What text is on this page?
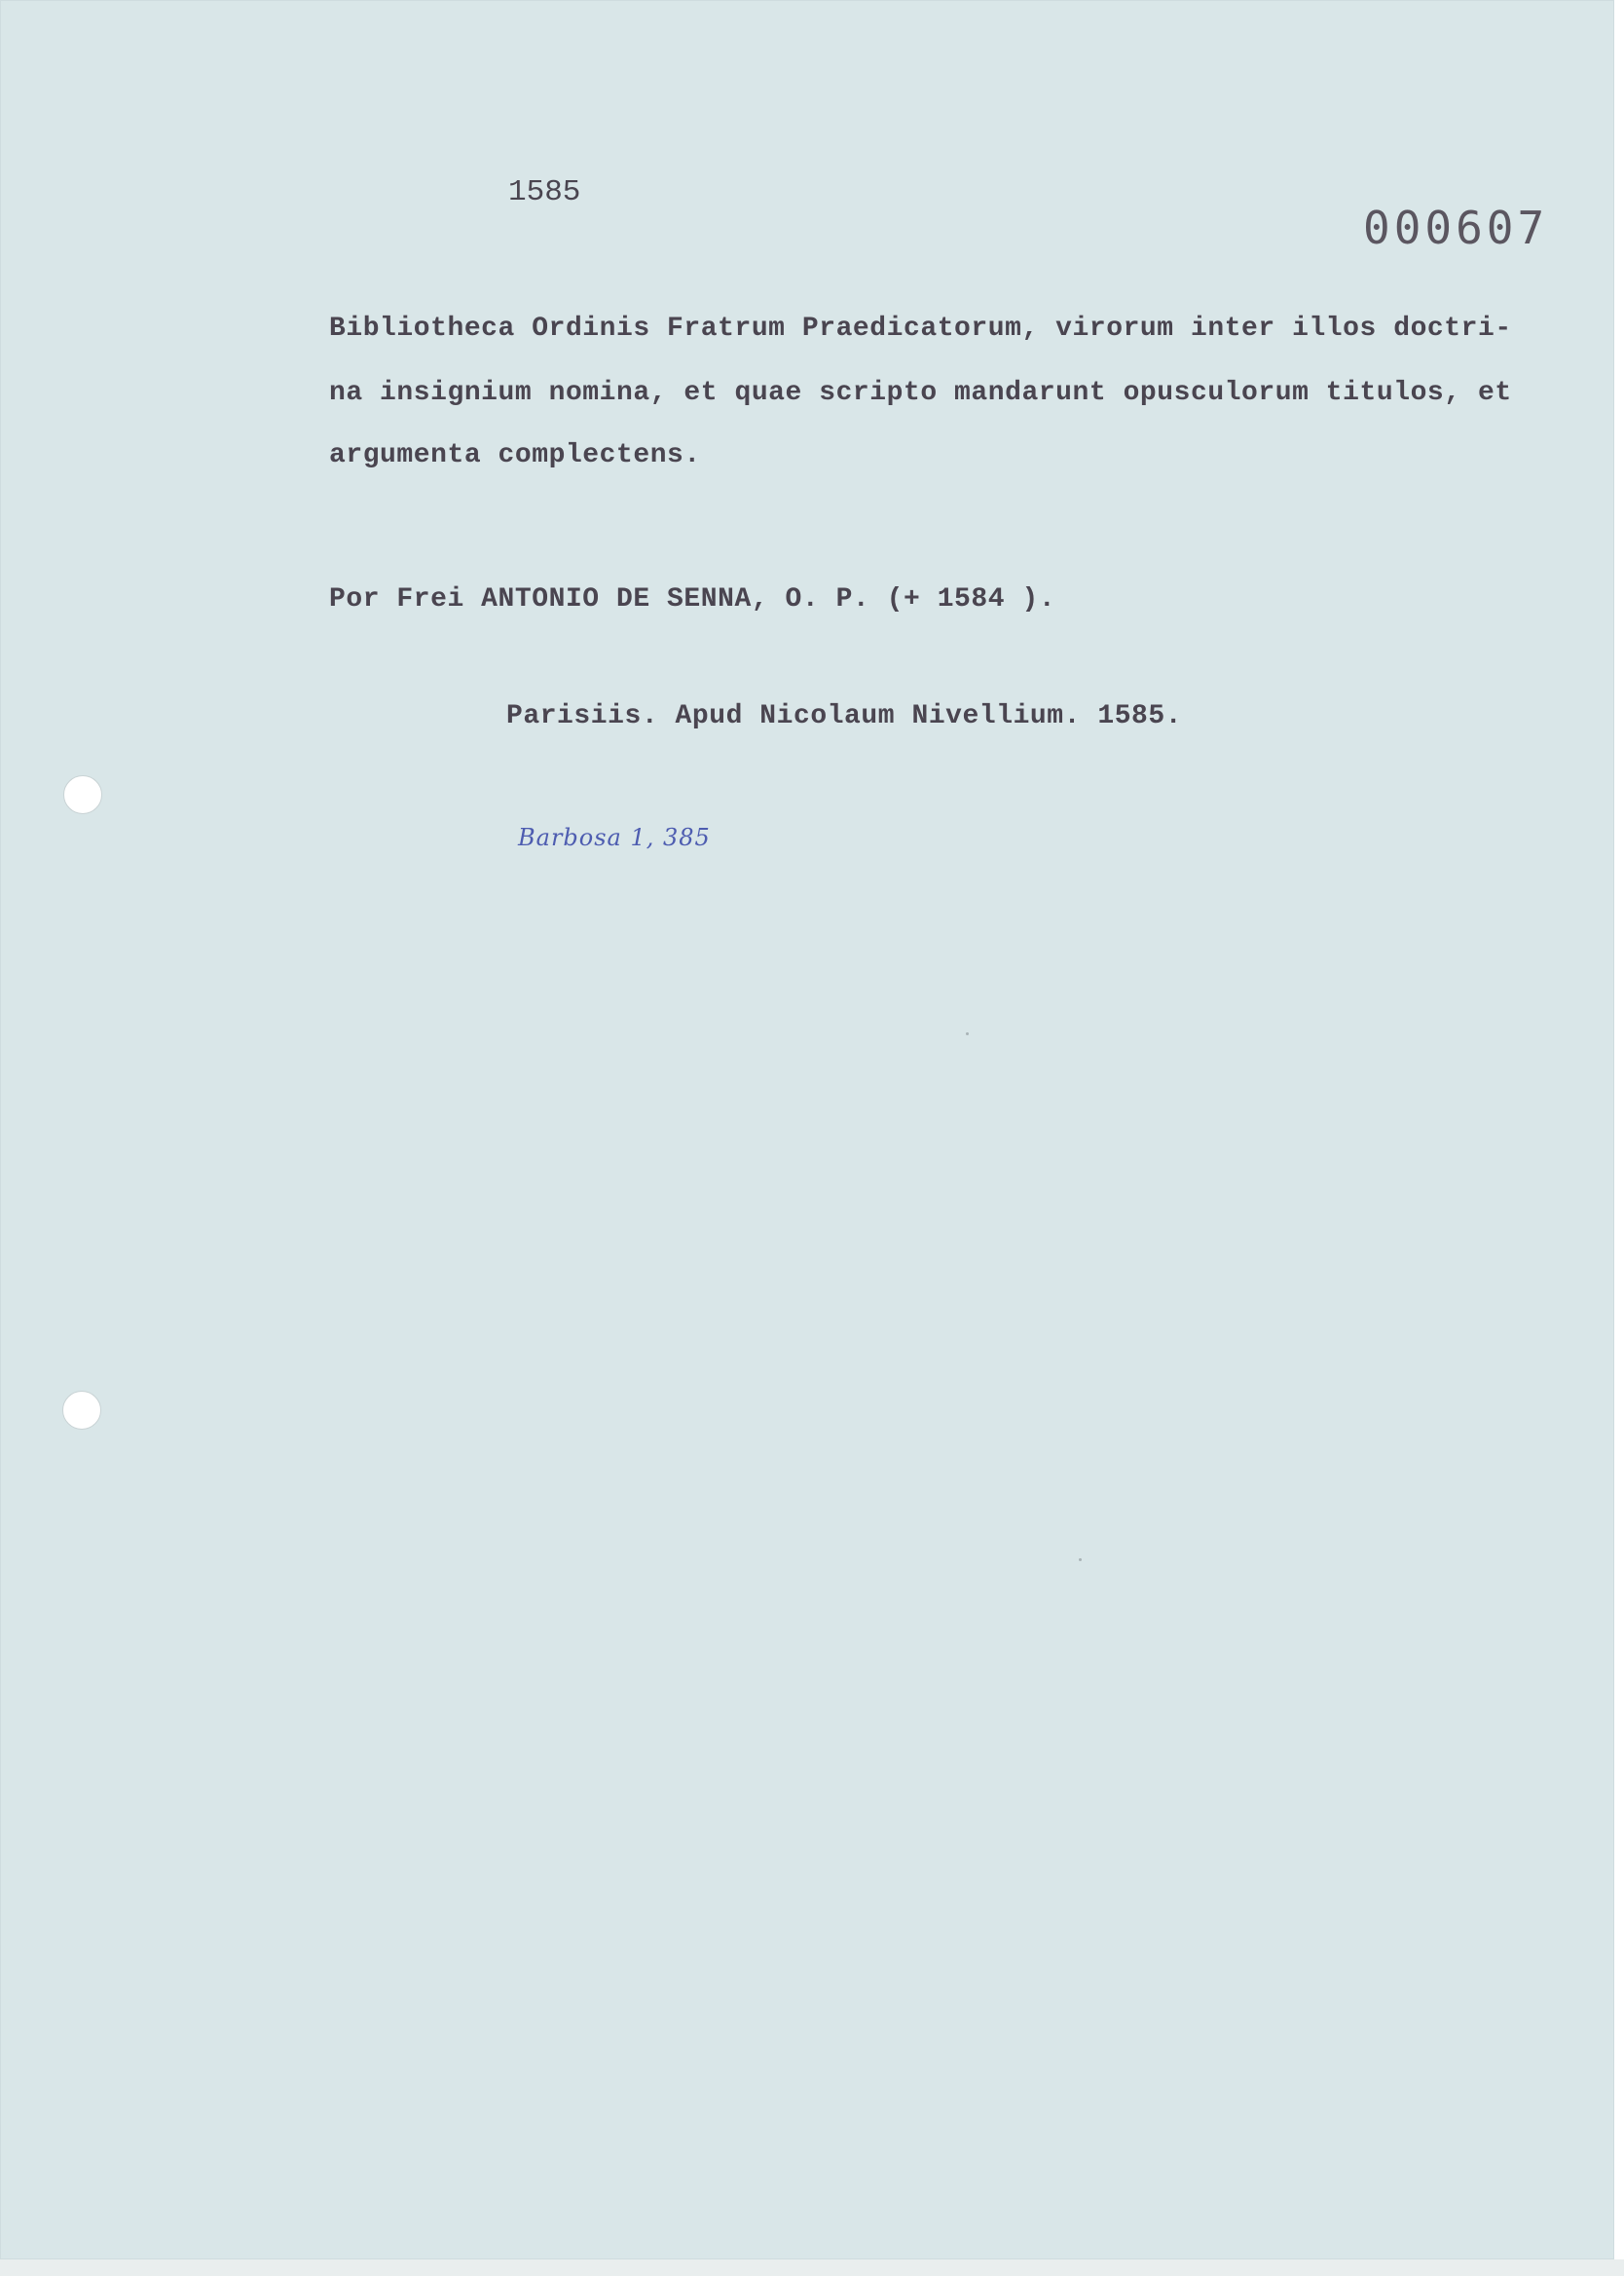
1585
000607
Bibliotheca Ordinis Fratrum Praedicatorum, virorum inter illos doctri-
na insignium nomina, et quae scripto mandarunt opusculorum titulos, et
argumenta complectens.
Por Frei ANTONIO DE SENNA, O. P. (+ 1584 ).
Parisiis. Apud Nicolaum Nivellium. 1585.
Barbosa 1, 385
